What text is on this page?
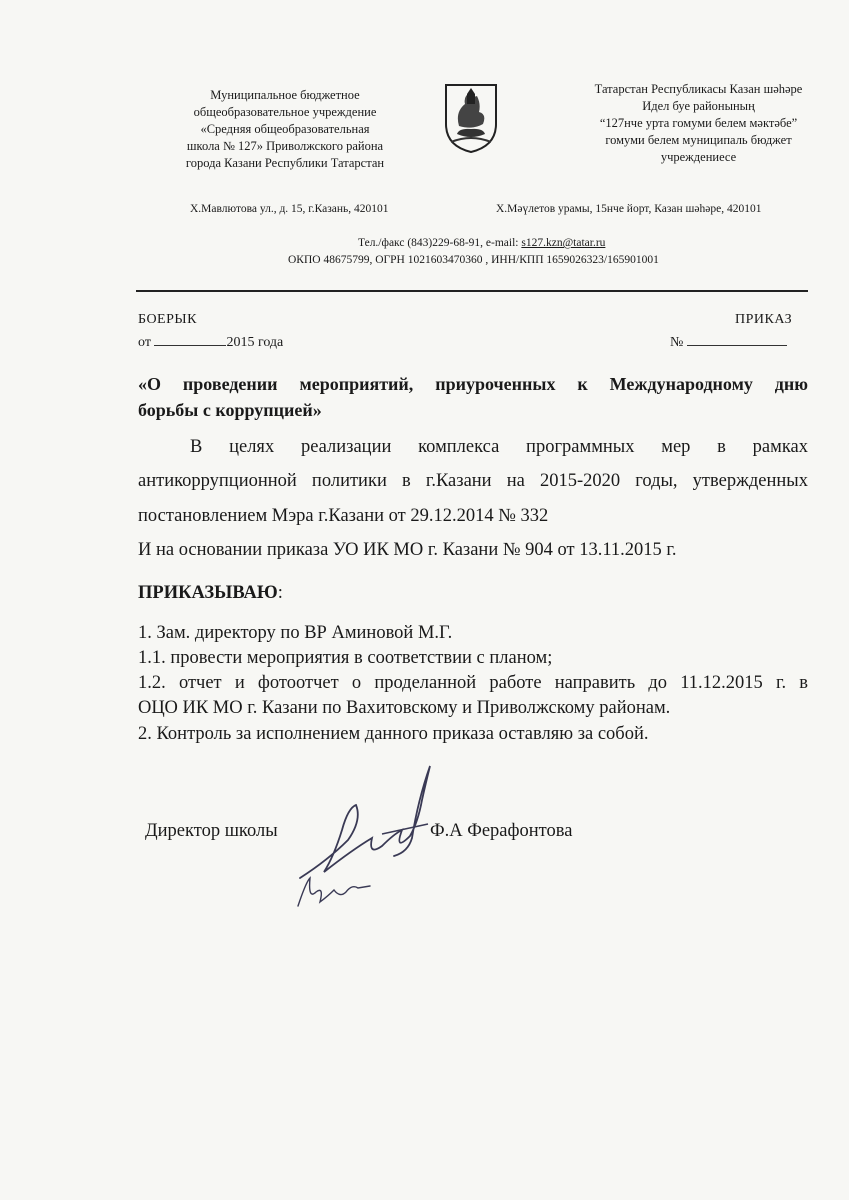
Муниципальное бюджетное
общеобразовательное учреждение
«Средняя общеобразовательная
школа № 127» Приволжского района
города Казани Республики Татарстан
Татарстан Республикасы Казан шәһәре
Идел буе районының
“127нче урта гомуми белем мәктәбе”
гомуми белем муниципаль бюджет
учреждениесе
Х.Мавлютова ул., д. 15, г.Казань, 420101	Х.Мәүлетов урамы, 15нче йорт, Казан шәһәре, 420101
Тел./факс (843)229-68-91, e-mail: s127.kzn@tatar.ru
ОКПО 48675799, ОГРН 1021603470360 , ИНН/КПП 1659026323/165901001
БОЕРЫК	ПРИКАЗ
от	2015 года	№
«О проведении мероприятий, приуроченных к Международному дню
борьбы с коррупцией»
В целях реализации комплекса программных мер в рамках
антикоррупционной политики в г.Казани на 2015-2020 годы, утвержденных
постановлением Мэра г.Казани от 29.12.2014 № 332
И на основании приказа УО ИК МО г. Казани № 904 от 13.11.2015 г.
ПРИКАЗЫВАЮ:
1. Зам. директору по ВР Аминовой М.Г.
1.1. провести мероприятия в соответствии с планом;
1.2. отчет и фотоотчет о проделанной работе направить до 11.12.2015 г. в
ОЦО ИК МО г. Казани по Вахитовскому и Приволжскому районам.
2. Контроль за исполнением данного приказа оставляю за собой.
Директор школы	Ф.А Ферафонтова
